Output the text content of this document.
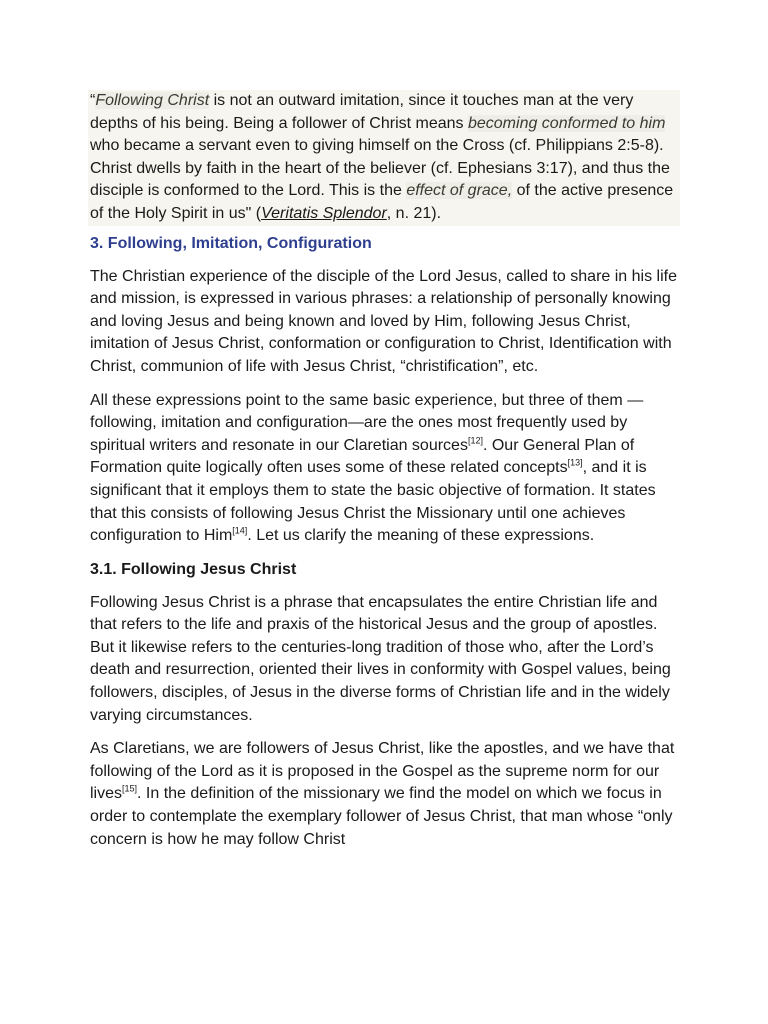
“Following Christ is not an outward imitation, since it touches man at the very depths of his being. Being a follower of Christ means becoming conformed to him who became a servant even to giving himself on the Cross (cf. Philippians 2:5-8). Christ dwells by faith in the heart of the believer (cf. Ephesians 3:17), and thus the disciple is conformed to the Lord. This is the effect of grace, of the active presence of the Holy Spirit in us" (Veritatis Splendor, n. 21).

3. Following, Imitation, Configuration

The Christian experience of the disciple of the Lord Jesus, called to share in his life and mission, is expressed in various phrases: a relationship of personally knowing and loving Jesus and being known and loved by Him, following Jesus Christ, imitation of Jesus Christ, conformation or configuration to Christ, Identification with Christ, communion of life with Jesus Christ, “christification”, etc.

All these expressions point to the same basic experience, but three of them —following, imitation and configuration—are the ones most frequently used by spiritual writers and resonate in our Claretian sources[12]. Our General Plan of Formation quite logically often uses some of these related concepts[13], and it is significant that it employs them to state the basic objective of formation. It states that this consists of following Jesus Christ the Missionary until one achieves configuration to Him[14]. Let us clarify the meaning of these expressions.

3.1. Following Jesus Christ

Following Jesus Christ is a phrase that encapsulates the entire Christian life and that refers to the life and praxis of the historical Jesus and the group of apostles. But it likewise refers to the centuries-long tradition of those who, after the Lord’s death and resurrection, oriented their lives in conformity with Gospel values, being followers, disciples, of Jesus in the diverse forms of Christian life and in the widely varying circumstances.

As Claretians, we are followers of Jesus Christ, like the apostles, and we have that following of the Lord as it is proposed in the Gospel as the supreme norm for our lives[15]. In the definition of the missionary we find the model on which we focus in order to contemplate the exemplary follower of Jesus Christ, that man whose “only concern is how he may follow Christ
